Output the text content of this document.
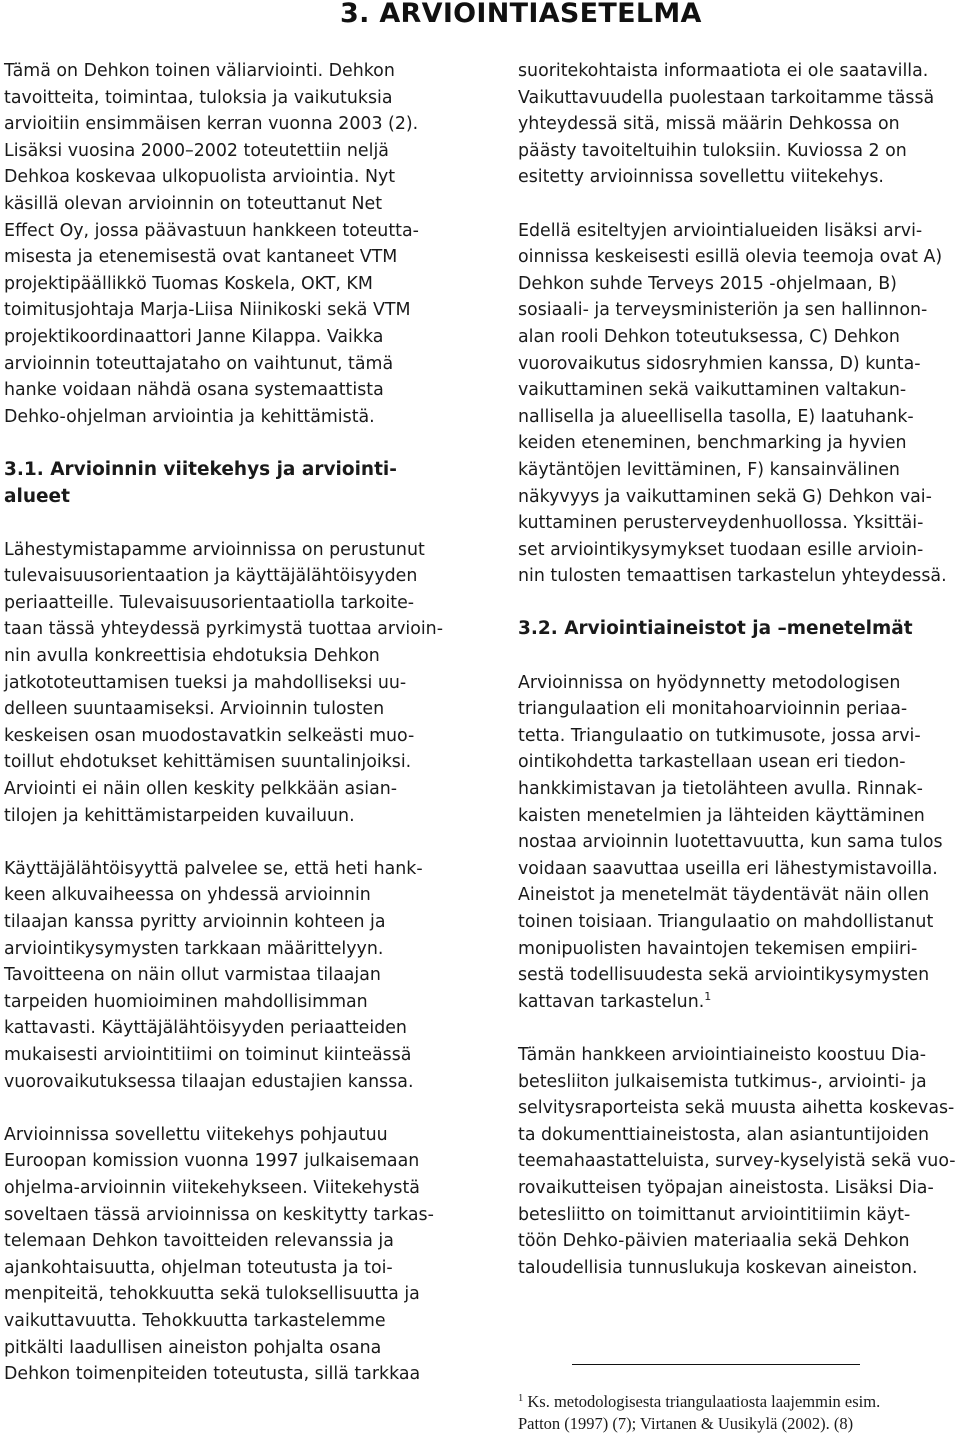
3. ARVIOINTIASETELMA
Tämä on Dehkon toinen väliarviointi. Dehkon
tavoitteita, toimintaa, tuloksia ja vaikutuksia
arvioitiin ensimmäisen kerran vuonna 2003 (2).
Lisäksi vuosina 2000–2002 toteutettiin neljä
Dehkoa koskevaa ulkopuolista arviointia. Nyt
käsillä olevan arvioinnin on toteuttanut Net
Effect Oy, jossa päävastuun hankkeen toteutta-
misesta ja etenemisestä ovat kantaneet VTM
projektipäällikkö Tuomas Koskela, OKT, KM
toimitusjohtaja Marja-Liisa Niinikoski sekä VTM
projektikoordinaattori Janne Kilappa. Vaikka
arvioinnin toteuttajataho on vaihtunut, tämä
hanke voidaan nähdä osana systemaattista
Dehko-ohjelman arviointia ja kehittämistä.
3.1. Arvioinnin viitekehys ja arviointi-
alueet
Lähestymistapamme arvioinnissa on perustunut
tulevaisuusorientaation ja käyttäjälähtöisyyden
periaatteille. Tulevaisuusorientaatiolla tarkoite-
taan tässä yhteydessä pyrkimystä tuottaa arvioin-
nin avulla konkreettisia ehdotuksia Dehkon
jatkototeuttamisen tueksi ja mahdolliseksi uu-
delleen suuntaamiseksi. Arvioinnin tulosten
keskeisen osan muodostavatkin selkeästi muo-
toillut ehdotukset kehittämisen suuntalinjoiksi.
Arviointi ei näin ollen keskity pelkkään asian-
tilojen ja kehittämistarpeiden kuvailuun.
Käyttäjälähtöisyyttä palvelee se, että heti hank-
keen alkuvaiheessa on yhdessä arvioinnin
tilaajan kanssa pyritty arvioinnin kohteen ja
arviointikysymysten tarkkaan määrittelyyn.
Tavoitteena on näin ollut varmistaa tilaajan
tarpeiden huomioiminen mahdollisimman
kattavasti. Käyttäjälähtöisyyden periaatteiden
mukaisesti arviointitiimi on toiminut kiinteässä
vuorovaikutuksessa tilaajan edustajien kanssa.
Arvioinnissa sovellettu viitekehys pohjautuu
Euroopan komission vuonna 1997 julkaisemaan
ohjelma-arvioinnin viitekehykseen. Viitekehystä
soveltaen tässä arvioinnissa on keskitytty tarkas-
telemaan Dehkon tavoitteiden relevanssia ja
ajankohtaisuutta, ohjelman toteutusta ja toi-
menpiteitä, tehokkuutta sekä tuloksellisuutta ja
vaikuttavuutta. Tehokkuutta tarkastelemme
pitkälti laadullisen aineiston pohjalta osana
Dehkon toimenpiteiden toteutusta, sillä tarkkaa
suoritekohtaista informaatiota ei ole saatavilla.
Vaikuttavuudella puolestaan tarkoitamme tässä
yhteydessä sitä, missä määrin Dehkossa on
päästy tavoiteltuihin tuloksiin. Kuviossa 2 on
esitetty arvioinnissa sovellettu viitekehys.
Edellä esiteltyjen arviointialueiden lisäksi arvi-
oinnissa keskeisesti esillä olevia teemoja ovat A)
Dehkon suhde Terveys 2015 -ohjelmaan, B)
sosiaali- ja terveysministeriön ja sen hallinnon-
alan rooli Dehkon toteutuksessa, C) Dehkon
vuorovaikutus sidosryhmien kanssa, D) kunta-
vaikuttaminen sekä vaikuttaminen valtakun-
nallisella ja alueellisella tasolla, E) laatuhank-
keiden eteneminen, benchmarking ja hyvien
käytäntöjen levittäminen, F) kansainvälinen
näkyvyys ja vaikuttaminen sekä G) Dehkon vai-
kuttaminen perusterveydenhuollossa. Yksittäi-
set arviointikysymykset tuodaan esille arvioin-
nin tulosten temaattisen tarkastelun yhteydessä.
3.2. Arviointiaineistot ja –menetelmät
Arvioinnissa on hyödynnetty metodologisen
triangulaation eli monitahoarvioinnin periaa-
tetta. Triangulaatio on tutkimusote, jossa arvi-
ointikohdetta tarkastellaan usean eri tiedon-
hankkimistavan ja tietolähteen avulla. Rinnak-
kaisten menetelmien ja lähteiden käyttäminen
nostaa arvioinnin luotettavuutta, kun sama tulos
voidaan saavuttaa useilla eri lähestymistavoilla.
Aineistot ja menetelmät täydentävät näin ollen
toinen toisiaan. Triangulaatio on mahdollistanut
monipuolisten havaintojen tekemisen empiiri-
sestä todellisuudesta sekä arviointikysymysten
kattavan tarkastelun.$^1$
Tämän hankkeen arviointiaineisto koostuu Dia-
betesliiton julkaisemista tutkimus-, arviointi- ja
selvitysraporteista sekä muusta aihetta koskevas-
ta dokumenttiaineistosta, alan asiantuntijoiden
teemahaastatteluista, survey-kyselyistä sekä vuo-
rovaikutteisen työpajan aineistosta. Lisäksi Dia-
betesliitto on toimittanut arviointitiimin käyt-
töön Dehko-päivien materiaalia sekä Dehkon
taloudellisia tunnuslukuja koskevan aineiston.
$^1$ Ks. metodologisesta triangulaatiosta laajemmin esim.
Patton (1997) (7); Virtanen & Uusikylä (2002). (8)
